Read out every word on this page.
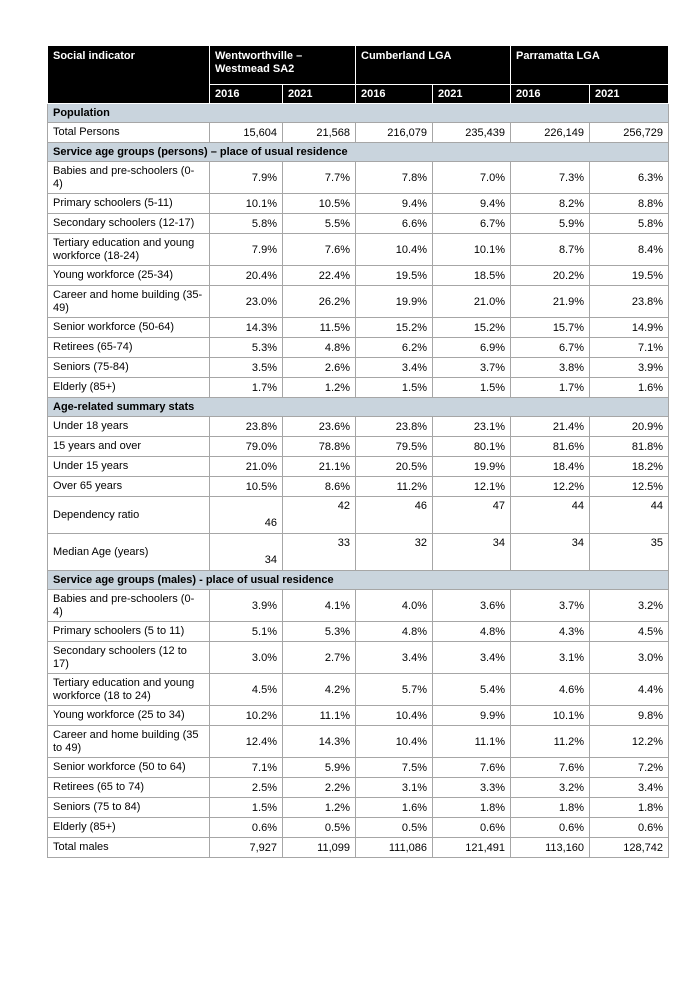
Social indicator	Wentworthville – Westmead SA2		Cumberland LGA		Parramatta LGA	
	2016	2021	2016	2021	2016	2021
Population						
Total Persons	15,604	21,568	216,079	235,439	226,149	256,729
Service age groups (persons) – place of usual residence						
Babies and pre-schoolers (0-4)	7.9%	7.7%	7.8%	7.0%	7.3%	6.3%
Primary schoolers (5-11)	10.1%	10.5%	9.4%	9.4%	8.2%	8.8%
Secondary schoolers (12-17)	5.8%	5.5%	6.6%	6.7%	5.9%	5.8%
Tertiary education and young workforce (18-24)	7.9%	7.6%	10.4%	10.1%	8.7%	8.4%
Young workforce (25-34)	20.4%	22.4%	19.5%	18.5%	20.2%	19.5%
Career and home building (35-49)	23.0%	26.2%	19.9%	21.0%	21.9%	23.8%
Senior workforce (50-64)	14.3%	11.5%	15.2%	15.2%	15.7%	14.9%
Retirees (65-74)	5.3%	4.8%	6.2%	6.9%	6.7%	7.1%
Seniors (75-84)	3.5%	2.6%	3.4%	3.7%	3.8%	3.9%
Elderly (85+)	1.7%	1.2%	1.5%	1.5%	1.7%	1.6%
Age-related summary stats						
Under 18 years	23.8%	23.6%	23.8%	23.1%	21.4%	20.9%
15 years and over	79.0%	78.8%	79.5%	80.1%	81.6%	81.8%
Under 15 years	21.0%	21.1%	20.5%	19.9%	18.4%	18.2%
Over 65 years	10.5%	8.6%	11.2%	12.1%	12.2%	12.5%
Dependency ratio	46	42	46	47	44	44
Median Age (years)	34	33	32	34	34	35
Service age groups (males) - place of usual residence						
Babies and pre-schoolers (0-4)	3.9%	4.1%	4.0%	3.6%	3.7%	3.2%
Primary schoolers (5 to 11)	5.1%	5.3%	4.8%	4.8%	4.3%	4.5%
Secondary schoolers (12 to 17)	3.0%	2.7%	3.4%	3.4%	3.1%	3.0%
Tertiary education and young workforce (18 to 24)	4.5%	4.2%	5.7%	5.4%	4.6%	4.4%
Young workforce (25 to 34)	10.2%	11.1%	10.4%	9.9%	10.1%	9.8%
Career and home building (35 to 49)	12.4%	14.3%	10.4%	11.1%	11.2%	12.2%
Senior workforce (50 to 64)	7.1%	5.9%	7.5%	7.6%	7.6%	7.2%
Retirees (65 to 74)	2.5%	2.2%	3.1%	3.3%	3.2%	3.4%
Seniors (75 to 84)	1.5%	1.2%	1.6%	1.8%	1.8%	1.8%
Elderly (85+)	0.6%	0.5%	0.5%	0.6%	0.6%	0.6%
Total males	7,927	11,099	111,086	121,491	113,160	128,742
